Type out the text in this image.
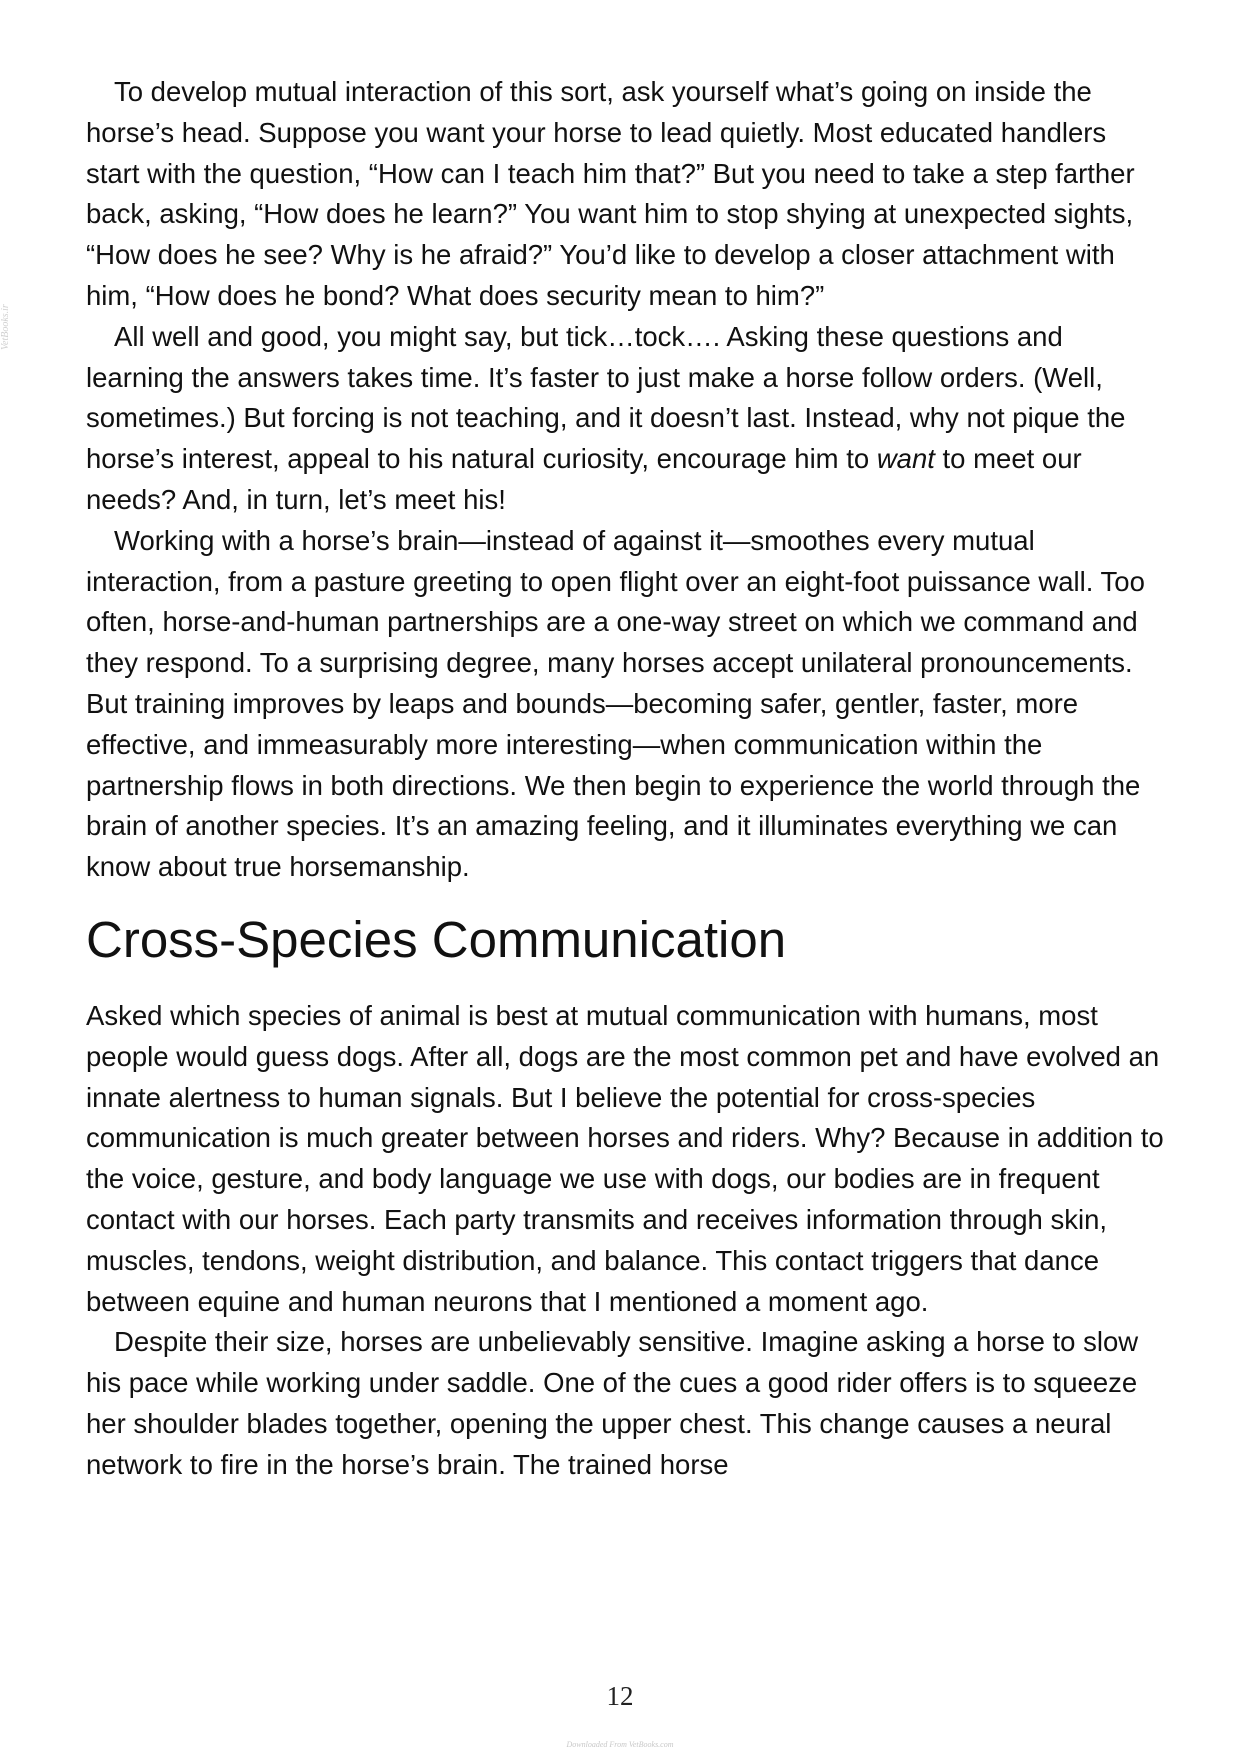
VetBooks.ir

To develop mutual interaction of this sort, ask yourself what’s going on inside the horse’s head. Suppose you want your horse to lead quietly. Most educated handlers start with the question, “How can I teach him that?” But you need to take a step farther back, asking, “How does he learn?” You want him to stop shying at unexpected sights, “How does he see? Why is he afraid?” You’d like to develop a closer attachment with him, “How does he bond? What does security mean to him?”

All well and good, you might say, but tick…tock…. Asking these questions and learning the answers takes time. It’s faster to just make a horse follow orders. (Well, sometimes.) But forcing is not teaching, and it doesn’t last. Instead, why not pique the horse’s interest, appeal to his natural curiosity, encourage him to want to meet our needs? And, in turn, let’s meet his!

Working with a horse’s brain—instead of against it—smoothes every mutual interaction, from a pasture greeting to open flight over an eight-foot puissance wall. Too often, horse-and-human partnerships are a one-way street on which we command and they respond. To a surprising degree, many horses accept unilateral pronouncements. But training improves by leaps and bounds—becoming safer, gentler, faster, more effective, and immeasurably more interesting—when communication within the partnership flows in both directions. We then begin to experience the world through the brain of another species. It’s an amazing feeling, and it illuminates everything we can know about true horsemanship.

Cross-Species Communication

Asked which species of animal is best at mutual communication with humans, most people would guess dogs. After all, dogs are the most common pet and have evolved an innate alertness to human signals. But I believe the potential for cross-species communication is much greater between horses and riders. Why? Because in addition to the voice, gesture, and body language we use with dogs, our bodies are in frequent contact with our horses. Each party transmits and receives information through skin, muscles, tendons, weight distribution, and balance. This contact triggers that dance between equine and human neurons that I mentioned a moment ago.

Despite their size, horses are unbelievably sensitive. Imagine asking a horse to slow his pace while working under saddle. One of the cues a good rider offers is to squeeze her shoulder blades together, opening the upper chest. This change causes a neural network to fire in the horse’s brain. The trained horse

12
Downloaded From VetBooks.com
